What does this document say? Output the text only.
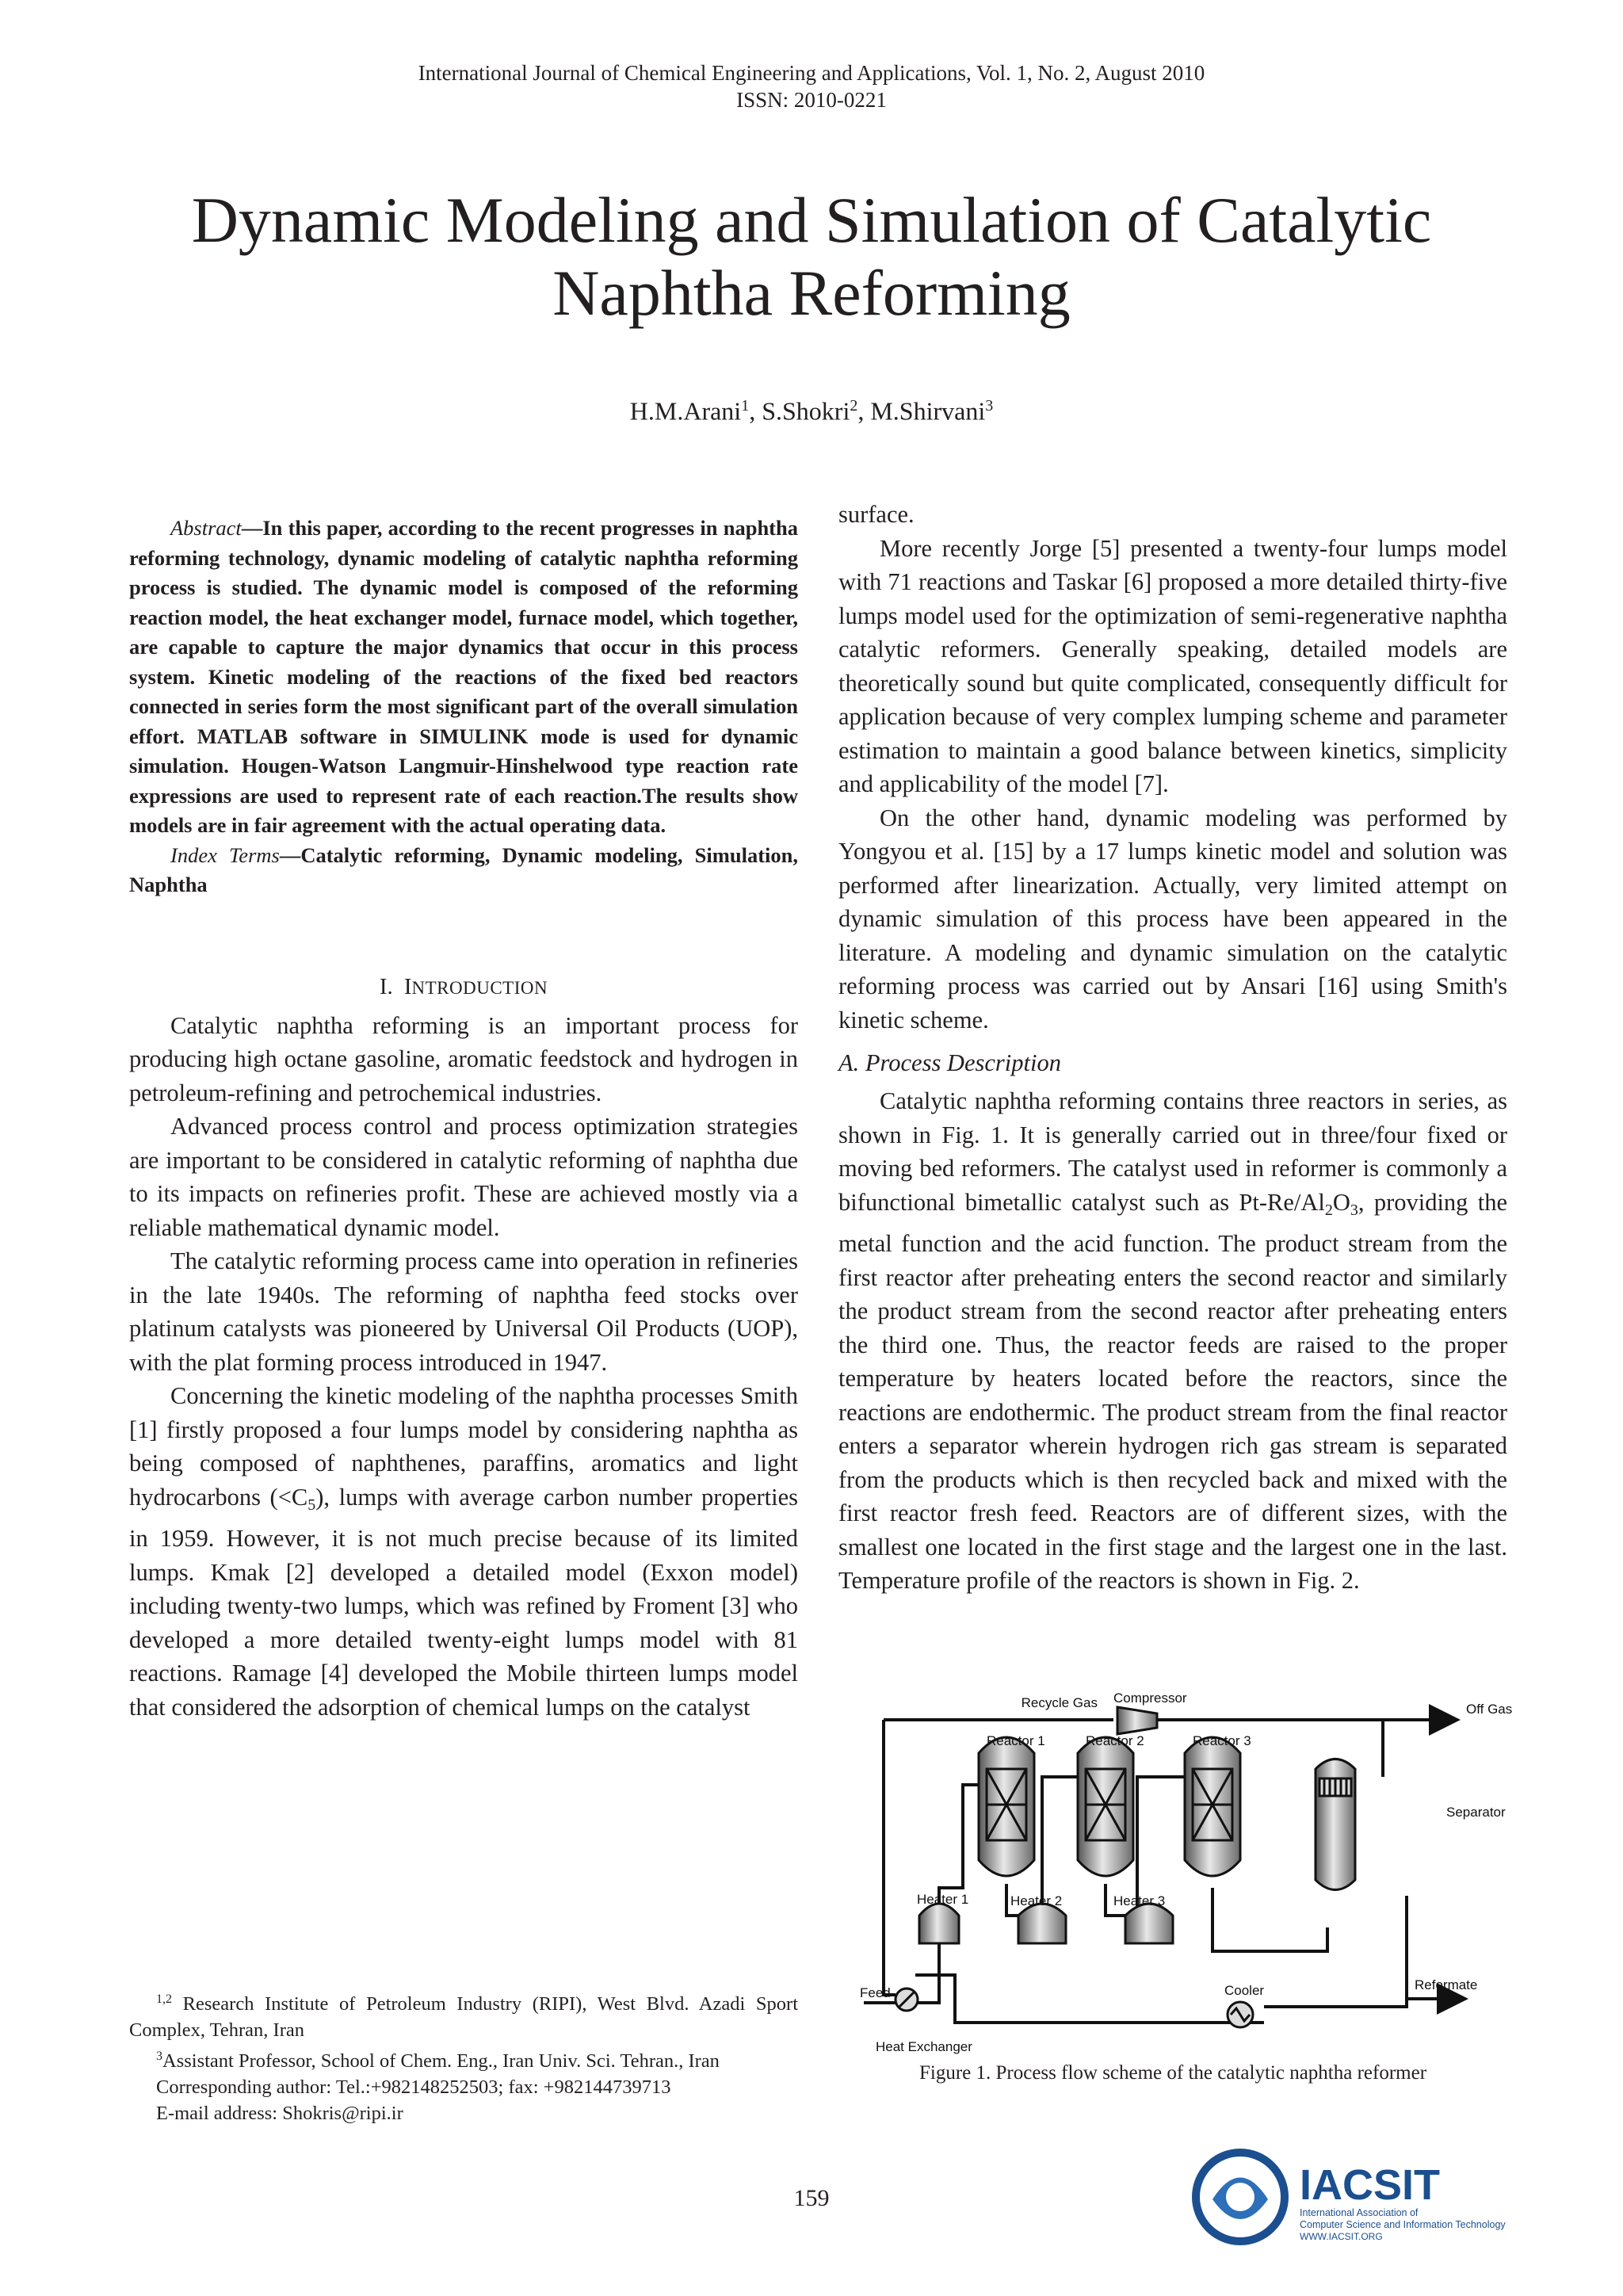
International Journal of Chemical Engineering and Applications, Vol. 1, No. 2, August 2010
ISSN: 2010-0221
Dynamic Modeling and Simulation of Catalytic
Naphtha Reforming
H.M.Arani$^1$, S.Shokri$^2$, M.Shirvani$^3$

Abstract—In this paper, according to the recent progresses in naphtha reforming technology, dynamic modeling of catalytic naphtha reforming process is studied. The dynamic model is composed of the reforming reaction model, the heat exchanger model, furnace model, which together, are capable to capture the major dynamics that occur in this process system. Kinetic modeling of the reactions of the fixed bed reactors connected in series form the most significant part of the overall simulation effort. MATLAB software in SIMULINK mode is used for dynamic simulation. Hougen-Watson Langmuir-Hinshelwood type reaction rate expressions are used to represent rate of each reaction.The results show models are in fair agreement with the actual operating data.

Index Terms—Catalytic reforming, Dynamic modeling, Simulation, Naphtha

I. INTRODUCTION

Catalytic naphtha reforming is an important process for producing high octane gasoline, aromatic feedstock and hydrogen in petroleum-refining and petrochemical industries.

Advanced process control and process optimization strategies are important to be considered in catalytic reforming of naphtha due to its impacts on refineries profit. These are achieved mostly via a reliable mathematical dynamic model.

The catalytic reforming process came into operation in refineries in the late 1940s. The reforming of naphtha feed stocks over platinum catalysts was pioneered by Universal Oil Products (UOP), with the plat forming process introduced in 1947.

Concerning the kinetic modeling of the naphtha processes Smith [1] firstly proposed a four lumps model by considering naphtha as being composed of naphthenes, paraffins, aromatics and light hydrocarbons $(<C_5)$, lumps with average carbon number properties in 1959. However, it is not much precise because of its limited lumps. Kmak [2] developed a detailed model (Exxon model) including twenty-two lumps, which was refined by Froment [3] who developed a more detailed twenty-eight lumps model with 81 reactions. Ramage [4] developed the Mobile thirteen lumps model that considered the adsorption of chemical lumps on the catalyst

$^{1,2}$ Research Institute of Petroleum Industry (RIPI), West Blvd. Azadi Sport Complex, Tehran, Iran

$^3$Assistant Professor, School of Chem. Eng., Iran Univ. Sci. Tehran., Iran

Corresponding author: Tel.:+982148252503; fax: +982144739713

E-mail address: Shokris@ripi.ir

surface.

More recently Jorge [5] presented a twenty-four lumps model with 71 reactions and Taskar [6] proposed a more detailed thirty-five lumps model used for the optimization of semi-regenerative naphtha catalytic reformers. Generally speaking, detailed models are theoretically sound but quite complicated, consequently difficult for application because of very complex lumping scheme and parameter estimation to maintain a good balance between kinetics, simplicity and applicability of the model [7].

On the other hand, dynamic modeling was performed by Yongyou et al. [15] by a 17 lumps kinetic model and solution was performed after linearization. Actually, very limited attempt on dynamic simulation of this process have been appeared in the literature. A modeling and dynamic simulation on the catalytic reforming process was carried out by Ansari [16] using Smith's kinetic scheme.

A. Process Description

Catalytic naphtha reforming contains three reactors in series, as shown in Fig. 1. It is generally carried out in three/four fixed or moving bed reformers. The catalyst used in reformer is commonly a bifunctional bimetallic catalyst such as $Pt-Re/Al_2O_3$, providing the metal function and the acid function. The product stream from the first reactor after preheating enters the second reactor and similarly the product stream from the second reactor after preheating enters the third one. Thus, the reactor feeds are raised to the proper temperature by heaters located before the reactors, since the reactions are endothermic. The product stream from the final reactor enters a separator wherein hydrogen rich gas stream is separated from the products which is then recycled back and mixed with the first reactor fresh feed. Reactors are of different sizes, with the smallest one located in the first stage and the largest one in the last. Temperature profile of the reactors is shown in Fig. 2.

Recycle Gas Compressor
Off Gas
Reactor 1	Reactor 2	Reactor 3
Separator
Heater 1	Heater 2	Heater 3
Feed	Cooler	Reformate
Heat Exchanger
Figure 1. Process flow scheme of the catalytic naphtha reformer
159	IACSIT
International Association of
Computer Science and Information Technology
WWW.IACSIT.ORG
